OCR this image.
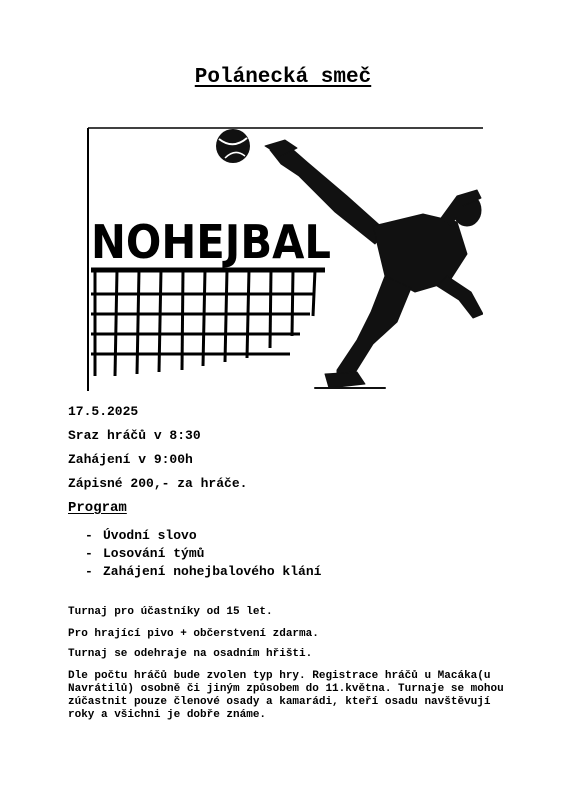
Polánecká smeč
NOHEJBAL
17.5.2025
Sraz hráčů v 8:30
Zahájení v 9:00h
Zápisné 200,- za hráče.
Program
- Úvodní slovo
- Losování týmů
- Zahájení nohejbalového klání
Turnaj pro účastníky od 15 let.
Pro hrající pivo + občerstvení zdarma.
Turnaj se odehraje na osadním hřišti.
Dle počtu hráčů bude zvolen typ hry. Registrace hráčů u Macáka(u Navrátilů) osobně či jiným způsobem do 11.května. Turnaje se mohou zúčastnit pouze členové osady a kamarádi, kteří osadu navštěvují roky a všichni je dobře známe.
